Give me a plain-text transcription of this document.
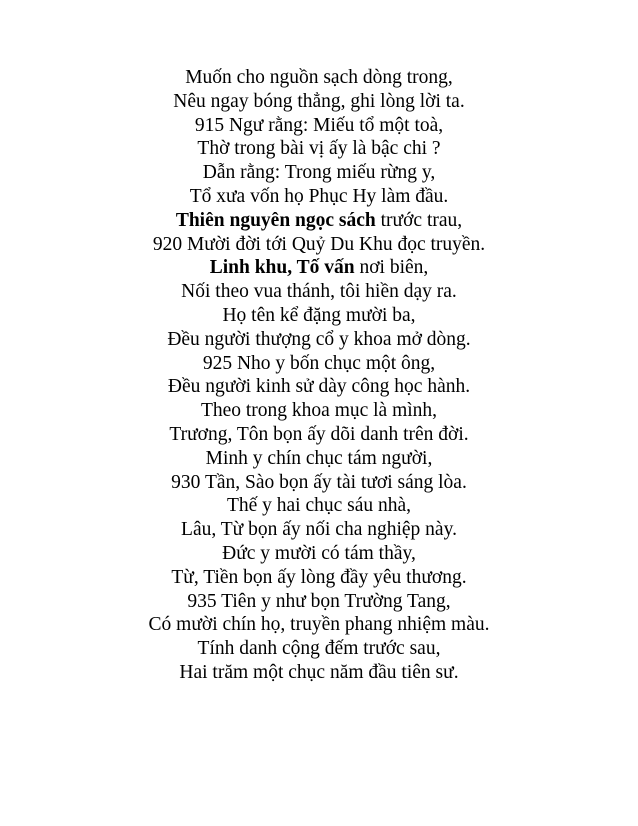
Muốn cho nguồn sạch dòng trong,
Nêu ngay bóng thẳng, ghi lòng lời ta.
915 Ngư rằng: Miếu tổ một toà,
Thờ trong bài vị ấy là bậc chi ?
Dẫn rằng: Trong miếu rừng y,
Tổ xưa vốn họ Phục Hy làm đầu.
Thiên nguyên ngọc sách trước trau,
920 Mười đời tới Quỷ Du Khu đọc truyền.
Linh khu, Tố vấn nơi biên,
Nối theo vua thánh, tôi hiền dạy ra.
Họ tên kể đặng mười ba,
Đều người thượng cổ y khoa mở dòng.
925 Nho y bốn chục một ông,
Đều người kinh sử dày công học hành.
Theo trong khoa mục là mình,
Trương, Tôn bọn ấy dõi danh trên đời.
Minh y chín chục tám người,
930 Tần, Sào bọn ấy tài tươi sáng lòa.
Thế y hai chục sáu nhà,
Lâu, Từ bọn ấy nối cha nghiệp này.
Đức y mười có tám thầy,
Từ, Tiền bọn ấy lòng đầy yêu thương.
935 Tiên y như bọn Trường Tang,
Có mười chín họ, truyền phang nhiệm màu.
Tính danh cộng đếm trước sau,
Hai trăm một chục năm đầu tiên sư.
